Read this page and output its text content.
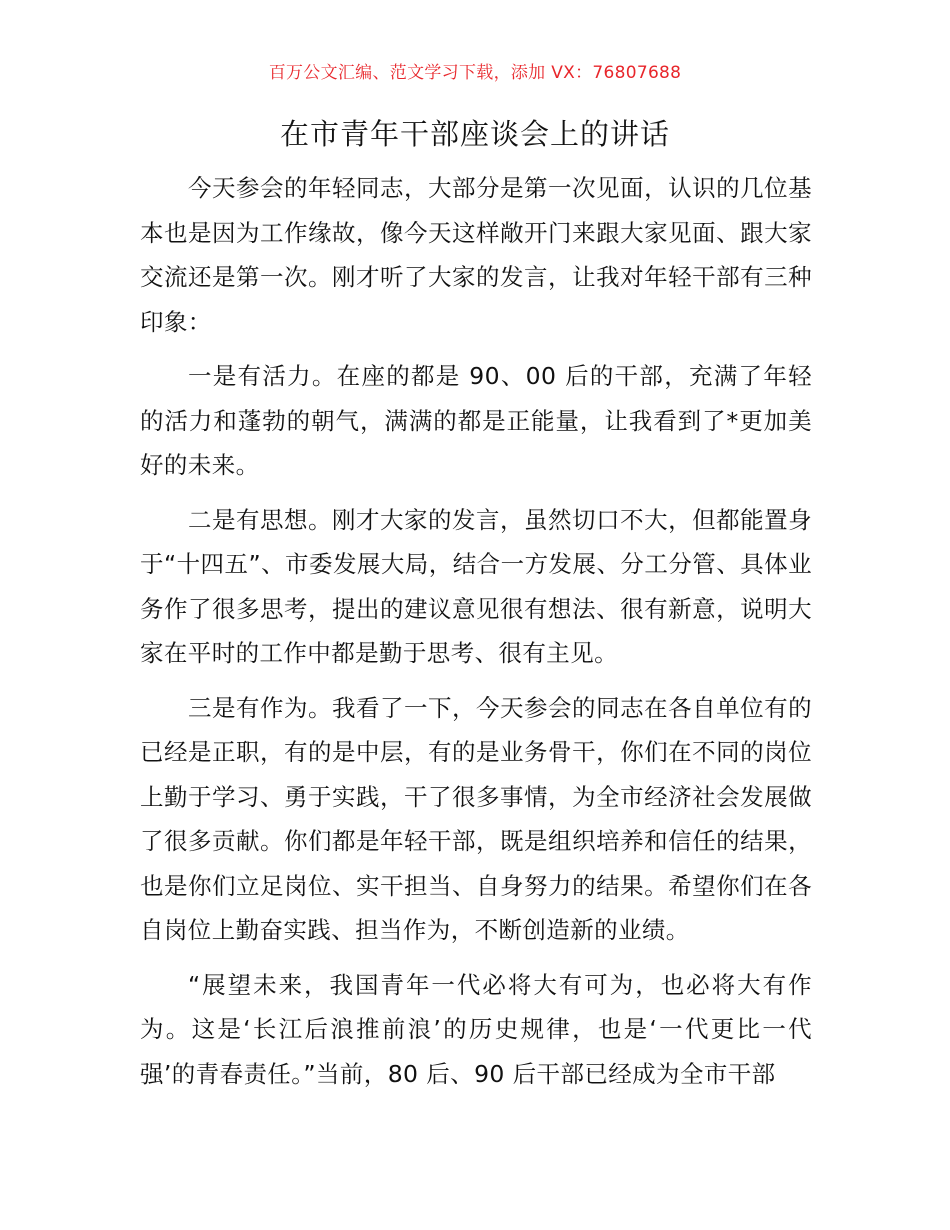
百万公文汇编、范文学习下载，添加 VX：76807688
在市青年干部座谈会上的讲话

今天参会的年轻同志，大部分是第一次见面，认识的几位基本也是因为工作缘故，像今天这样敞开门来跟大家见面、跟大家交流还是第一次。刚才听了大家的发言，让我对年轻干部有三种印象：

一是有活力。在座的都是 90、00 后的干部，充满了年轻的活力和蓬勃的朝气，满满的都是正能量，让我看到了*更加美好的未来。

二是有思想。刚才大家的发言，虽然切口不大，但都能置身于“十四五”、市委发展大局，结合一方发展、分工分管、具体业务作了很多思考，提出的建议意见很有想法、很有新意，说明大家在平时的工作中都是勤于思考、很有主见。

三是有作为。我看了一下，今天参会的同志在各自单位有的已经是正职，有的是中层，有的是业务骨干，你们在不同的岗位上勤于学习、勇于实践，干了很多事情，为全市经济社会发展做了很多贡献。你们都是年轻干部，既是组织培养和信任的结果，也是你们立足岗位、实干担当、自身努力的结果。希望你们在各自岗位上勤奋实践、担当作为，不断创造新的业绩。

“展望未来，我国青年一代必将大有可为，也必将大有作为。这是‘长江后浪推前浪’的历史规律，也是‘一代更比一代强’的青春责任。”当前，80 后、90 后干部已经成为全市干部
